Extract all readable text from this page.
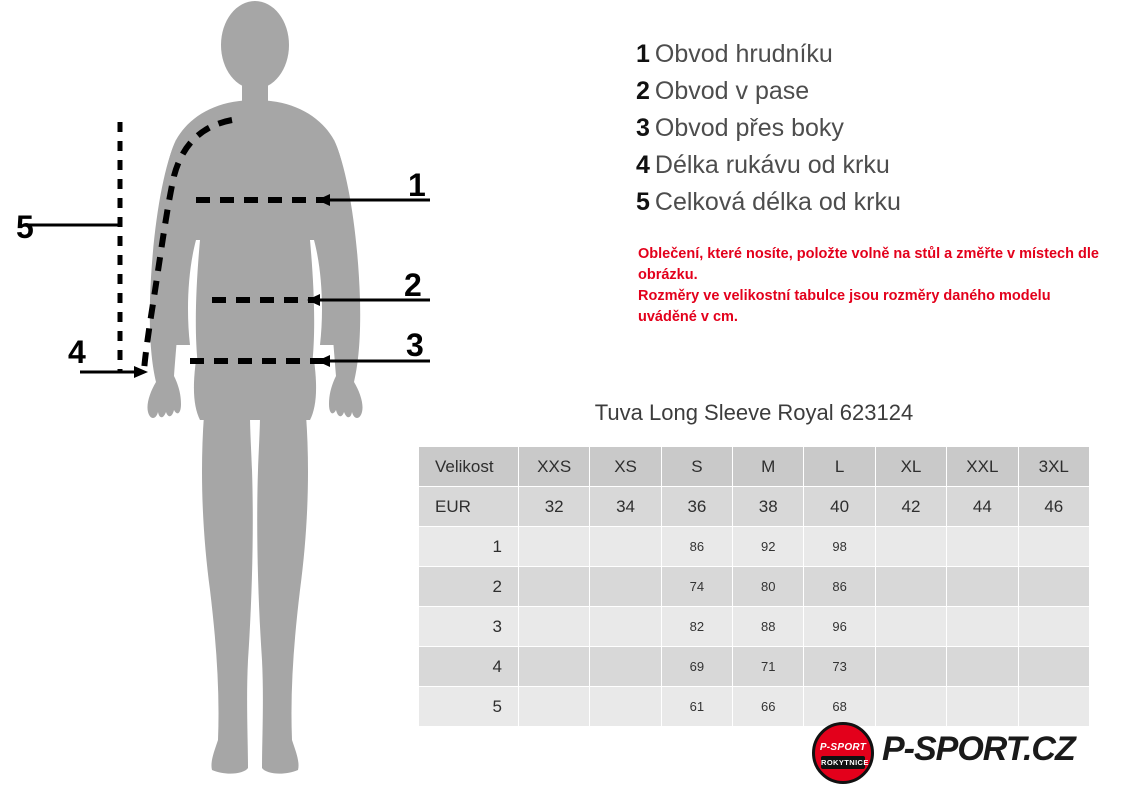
1
2
3
4
5
1 Obvod hrudníku
2 Obvod v pase
3 Obvod přes boky
4 Délka rukávu od krku
5 Celková délka od krku
Oblečení, které nosíte, položte volně na stůl a změřte v místech dle obrázku.
Rozměry ve velikostní tabulce jsou rozměry daného modelu uváděné v cm.
Tuva Long Sleeve Royal 623124
Velikost	XXS	XS	S	M	L	XL	XXL	3XL
EUR	32	34	36	38	40	42	44	46
1			86	92	98			
2			74	80	86			
3			82	88	96			
4			69	71	73			
5			61	66	68			
P-SPORT
ROKYTNICE P-SPORT.CZ
